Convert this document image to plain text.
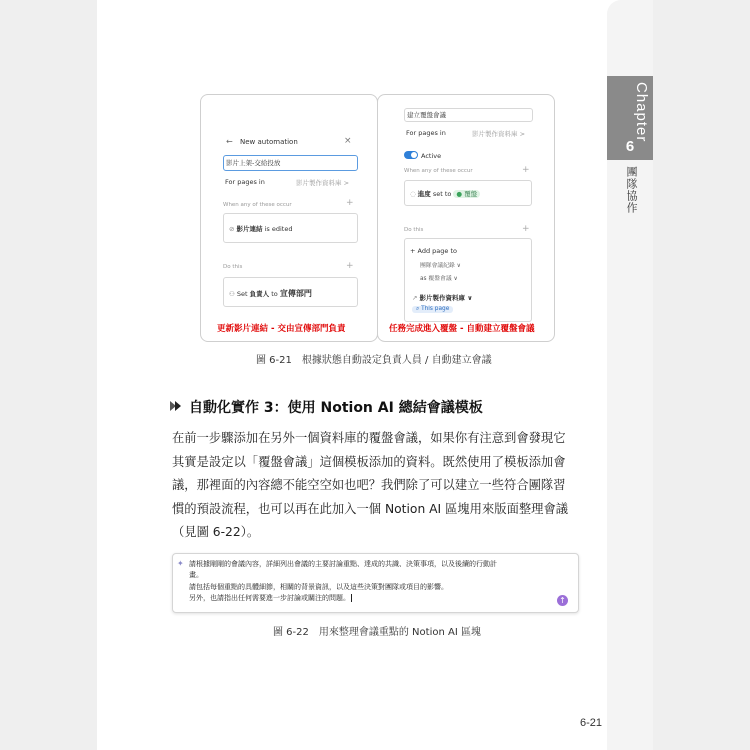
Chapter
6
團隊協作
← New automation	×
影片上架-交給投放
For pages in	影片製作資料庫 >
When any of these occur	+
⊘ 影片連結 is edited
Do this	+
⚇ Set 負責人 to 宣傳部門
更新影片連結 - 交由宣傳部門負責
建立覆盤會議
For pages in	影片製作資料庫 >
Active
When any of these occur	+
◌ 進度 set to ● 覆盤
Do this	+
+ Add page to
團隊會議紀錄 ∨
as 覆盤會議 ∨
↗ 影片製作資料庫 ∨
⌕ This page
任務完成進入覆盤 - 自動建立覆盤會議
圖 6-21　根據狀態自動設定負責人員 / 自動建立會議
自動化實作 3：使用 Notion AI 總結會議模板

在前一步驟添加在另外一個資料庫的覆盤會議，如果你有注意到會發現它

其實是設定以「覆盤會議」這個模板添加的資料。既然使用了模板添加會

議，那裡面的內容總不能空空如也吧？我們除了可以建立一些符合團隊習

慣的預設流程，也可以再在此加入一個 Notion AI 區塊用來版面整理會議

（見圖 6-22）。

✦ 請根據剛剛的會議內容，詳細列出會議的主要討論重點、達成的共識、決策事項，以及後續的行動計
畫。
請包括每個重點的具體細節，相關的背景資訊，以及這些決策對團隊或項目的影響。
另外，也請指出任何需要進一步討論或關注的問題。	↑
圖 6-22　用來整理會議重點的 Notion AI 區塊
6-21
